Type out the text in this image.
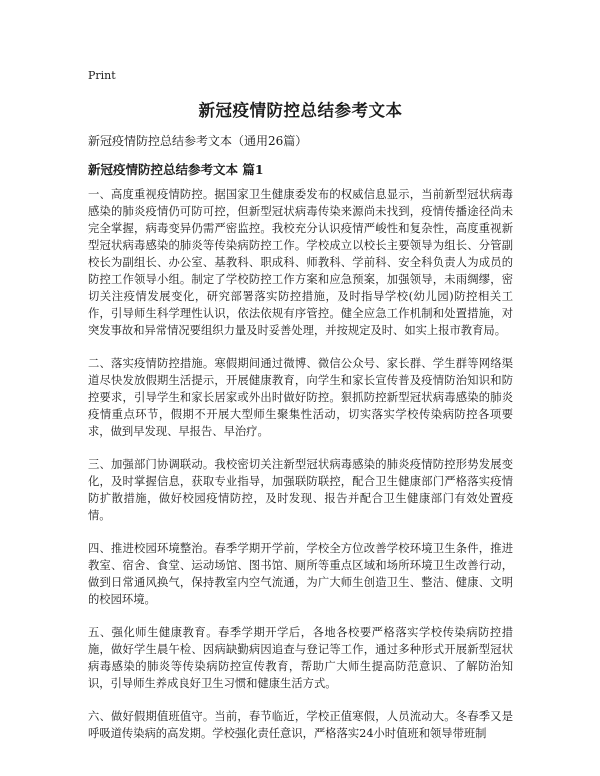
Print
新冠疫情防控总结参考文本
新冠疫情防控总结参考文本（通用26篇）
新冠疫情防控总结参考文本 篇1

一、高度重视疫情防控。据国家卫生健康委发布的权威信息显示，当前新型冠状病毒感染的肺炎疫情仍可防可控，但新型冠状病毒传染来源尚未找到，疫情传播途径尚未完全掌握，病毒变异仍需严密监控。我校充分认识疫情严峻性和复杂性，高度重视新型冠状病毒感染的肺炎等传染病防控工作。学校成立以校长主要领导为组长、分管副校长为副组长、办公室、基教科、职成科、师教科、学前科、安全科负责人为成员的防控工作领导小组。制定了学校防控工作方案和应急预案，加强领导，未雨绸缪，密切关注疫情发展变化，研究部署落实防控措施，及时指导学校(幼儿园)防控相关工作，引导师生科学理性认识，依法依规有序管控。健全应急工作机制和处置措施，对突发事故和异常情况要组织力量及时妥善处理，并按规定及时、如实上报市教育局。

二、落实疫情防控措施。寒假期间通过微博、微信公众号、家长群、学生群等网络渠道尽快发放假期生活提示，开展健康教育，向学生和家长宣传普及疫情防治知识和防控要求，引导学生和家长居家或外出时做好防控。狠抓防控新型冠状病毒感染的肺炎疫情重点环节，假期不开展大型师生聚集性活动，切实落实学校传染病防控各项要求，做到早发现、早报告、早治疗。

三、加强部门协调联动。我校密切关注新型冠状病毒感染的肺炎疫情防控形势发展变化，及时掌握信息，获取专业指导，加强联防联控，配合卫生健康部门严格落实疫情防扩散措施，做好校园疫情防控，及时发现、报告并配合卫生健康部门有效处置疫情。

四、推进校园环境整治。春季学期开学前，学校全方位改善学校环境卫生条件，推进教室、宿舍、食堂、运动场馆、图书馆、厕所等重点区域和场所环境卫生改善行动，做到日常通风换气，保持教室内空气流通，为广大师生创造卫生、整洁、健康、文明的校园环境。

五、强化师生健康教育。春季学期开学后，各地各校要严格落实学校传染病防控措施，做好学生晨午检、因病缺勤病因追查与登记等工作，通过多种形式开展新型冠状病毒感染的肺炎等传染病防控宣传教育，帮助广大师生提高防范意识、了解防治知识，引导师生养成良好卫生习惯和健康生活方式。

六、做好假期值班值守。当前，春节临近，学校正值寒假，人员流动大。冬春季又是呼吸道传染病的高发期。学校强化责任意识，严格落实24小时值班和领导带班制
